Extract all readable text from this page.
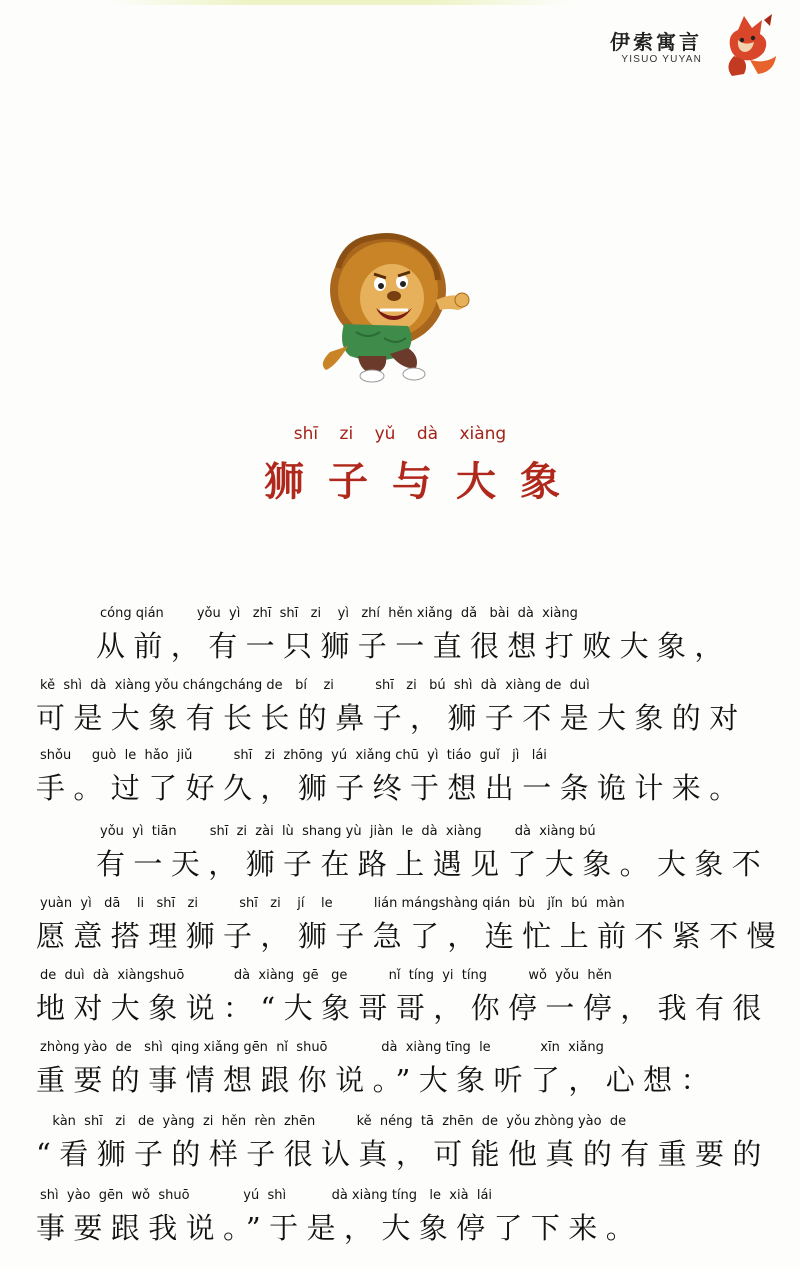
伊索寓言
YISUO YUYAN
shī zi yǔ dà xiàng
狮子与大象
cóng qián        yǒu  yì   zhī  shī   zi    yì   zhí  hěn xiǎng  dǎ   bài  dà  xiàng
从前，有一只狮子一直很想打败大象，
kě  shì  dà  xiàng yǒu chángcháng de   bí    zi          shī   zi   bú  shì  dà  xiàng de  duì
可是大象有长长的鼻子，狮子不是大象的对
shǒu     guò  le  hǎo  jiǔ          shī   zi  zhōng  yú  xiǎng chū  yì  tiáo  guǐ   jì   lái
手。过了好久，狮子终于想出一条诡计来。
yǒu  yì  tiān        shī  zi  zài  lù  shang yù  jiàn  le  dà  xiàng        dà  xiàng bú
有一天，狮子在路上遇见了大象。大象不
yuàn  yì   dā    li   shī   zi          shī   zi    jí    le          lián mángshàng qián  bù   jǐn  bú  màn
愿意搭理狮子，狮子急了，连忙上前不紧不慢
de  duì  dà  xiàngshuō            dà  xiàng  gē   ge          nǐ  tíng  yi  tíng          wǒ  yǒu  hěn
地对大象说：“大象哥哥，你停一停，我有很
zhòng yào  de   shì  qing xiǎng gēn  nǐ  shuō             dà  xiàng tīng  le            xīn  xiǎng
重要的事情想跟你说。”大象听了，心想：
kàn  shī   zi   de  yàng  zi  hěn  rèn  zhēn          kě  néng  tā  zhēn  de  yǒu zhòng yào  de
“看狮子的样子很认真，可能他真的有重要的
shì  yào  gēn  wǒ  shuō             yú  shì           dà xiàng tíng   le  xià  lái
事要跟我说。”于是，大象停了下来。
